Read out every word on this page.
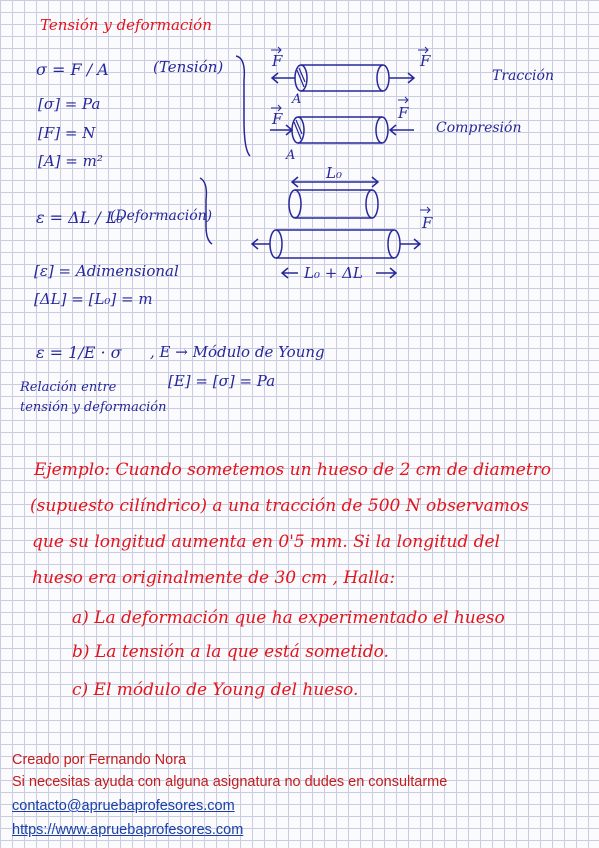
Tensión y deformación
σ = F / A	(Tensión)
[σ] = Pa
[F] = N
[A] = m²
ε = ΔL / L₀
(Deformación)
[ε] = Adimensional
[ΔL] = [L₀] = m
ε = 1/E · σ , E → Módulo de Young
[E] = [σ] = Pa
Relación entre
tensión y deformación
F	F
A
F	F
A
Tracción
Compresión
L₀
F
L₀ + ΔL
Ejemplo: Cuando sometemos un hueso de 2 cm de diametro
(supuesto cilíndrico) a una tracción de 500 N observamos
que su longitud aumenta en 0'5 mm. Si la longitud del
hueso era originalmente de 30 cm , Halla:
a) La deformación que ha experimentado el hueso
b) La tensión a la que está sometido.
c) El módulo de Young del hueso.
Creado por Fernando Nora
Si necesitas ayuda con alguna asignatura no dudes en consultarme
contacto@apruebaprofesores.com
https://www.apruebaprofesores.com
